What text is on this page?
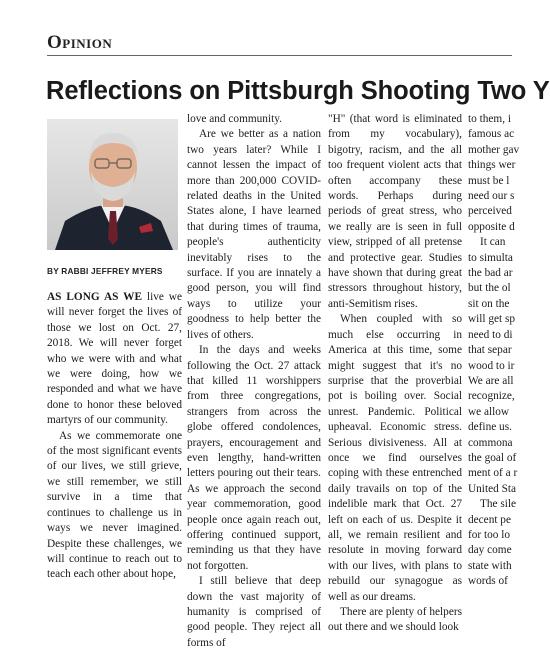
Opinion
Reflections on Pittsburgh Shooting Two Y
BY RABBI JEFFREY MYERS

AS LONG AS WE live we will never forget the lives of those we lost on Oct. 27, 2018. We will never forget who we were with and what we were doing, how we responded and what we have done to honor these beloved martyrs of our community.

As we commemorate one of the most significant events of our lives, we still grieve, we still remember, we still survive in a time that continues to challenge us in ways we never imagined. Despite these challenges, we will continue to reach out to teach each other about hope,

love and community.

Are we better as a nation two years later? While I cannot lessen the impact of more than 200,000 COVID-related deaths in the United States alone, I have learned that during times of trauma, people's authenticity inevitably rises to the surface. If you are innately a good person, you will find ways to utilize your goodness to help better the lives of others.

In the days and weeks following the Oct. 27 attack that killed 11 worshippers from three congregations, strangers from across the globe offered condolences, prayers, encouragement and even lengthy, hand-written letters pouring out their tears. As we approach the second year commemoration, good people once again reach out, offering continued support, reminding us that they have not forgotten.

I still believe that deep down the vast majority of humanity is comprised of good people. They reject all forms of

"H" (that word is eliminated from my vocabulary), bigotry, racism, and the all too frequent violent acts that often accompany these words. Perhaps during periods of great stress, who we really are is seen in full view, stripped of all pretense and protective gear. Studies have shown that during great stressors throughout history, anti-Semitism rises.

When coupled with so much else occurring in America at this time, some might suggest that it's no surprise that the proverbial pot is boiling over. Social unrest. Pandemic. Political upheaval. Economic stress. Serious divisiveness. All at once we find ourselves coping with these entrenched daily travails on top of the indelible mark that Oct. 27 left on each of us. Despite it all, we remain resilient and resolute in moving forward with our lives, with plans to rebuild our synagogue as well as our dreams.

There are plenty of helpers out there and we should look

to them, i
famous ac
mother gav
things wer
must be l
need our s
perceived
opposite d
It can
to simulta
the bad ar
but the ol
sit on the
will get sp
need to di
that separ
wood to ir
We are all
recognize,
we allow
define us.
commona
the goal of
ment of a r
United Sta
The sile
decent pe
for too lo
day come
state with
words of
